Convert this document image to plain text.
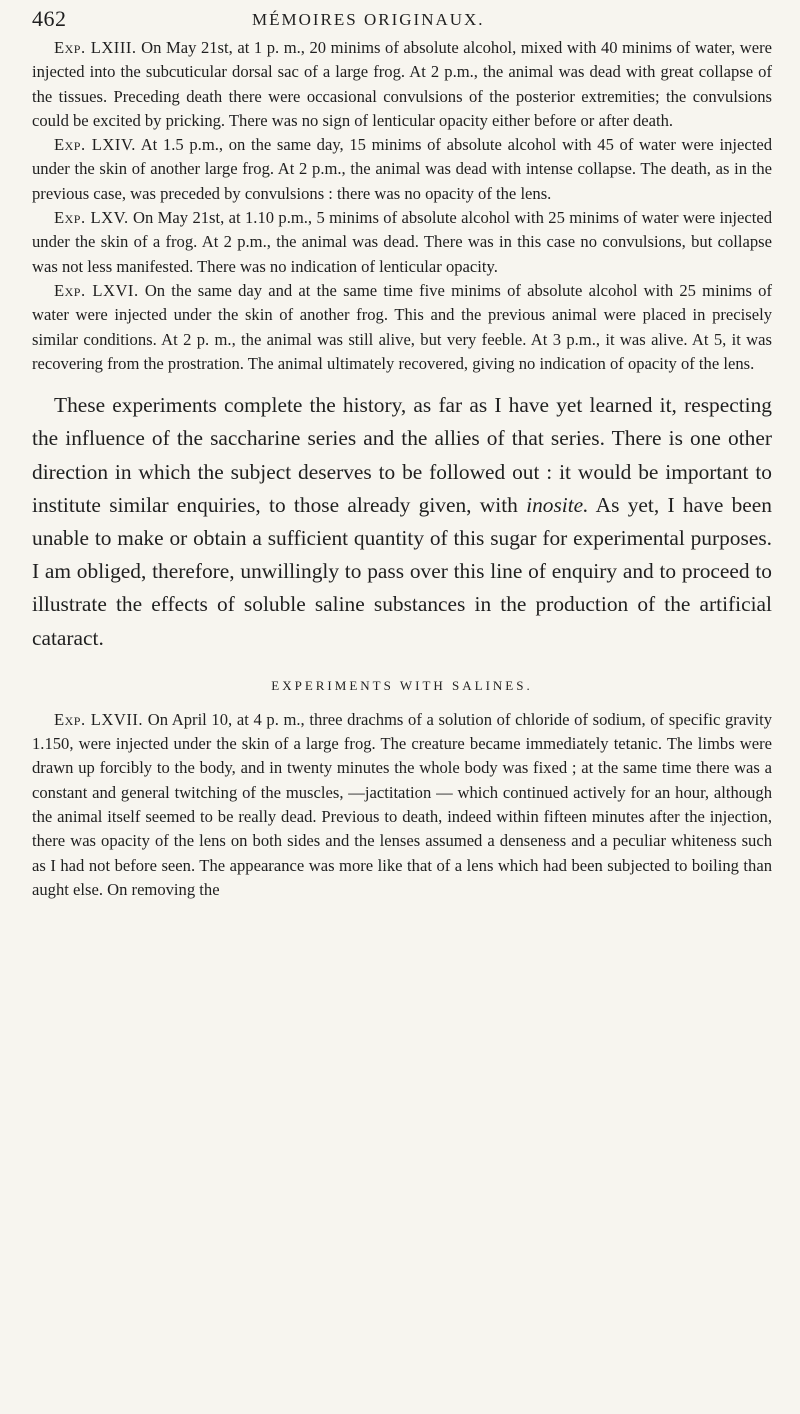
462	MÉMOIRES ORIGINAUX.

Exp. LXIII. On May 21st, at 1 p. m., 20 minims of absolute alcohol, mixed with 40 minims of water, were injected into the subcuticular dorsal sac of a large frog. At 2 p.m., the animal was dead with great collapse of the tissues. Preceding death there were occasional convulsions of the posterior extremities; the convulsions could be excited by pricking. There was no sign of lenticular opacity either before or after death.

Exp. LXIV. At 1.5 p.m., on the same day, 15 minims of absolute alcohol with 45 of water were injected under the skin of another large frog. At 2 p.m., the animal was dead with intense collapse. The death, as in the previous case, was preceded by convulsions : there was no opacity of the lens.

Exp. LXV. On May 21st, at 1.10 p.m., 5 minims of absolute alcohol with 25 minims of water were injected under the skin of a frog. At 2 p.m., the animal was dead. There was in this case no convulsions, but collapse was not less manifested. There was no indication of lenticular opacity.

Exp. LXVI. On the same day and at the same time five minims of absolute alcohol with 25 minims of water were injected under the skin of another frog. This and the previous animal were placed in precisely similar conditions. At 2 p. m., the animal was still alive, but very feeble. At 3 p.m., it was alive. At 5, it was recovering from the prostration. The animal ultimately recovered, giving no indication of opacity of the lens.

These experiments complete the history, as far as I have yet learned it, respecting the influence of the saccharine series and the allies of that series. There is one other direction in which the subject deserves to be followed out : it would be important to institute similar enquiries, to those already given, with inosite. As yet, I have been unable to make or obtain a sufficient quantity of this sugar for experimental purposes. I am obliged, therefore, unwillingly to pass over this line of enquiry and to proceed to illustrate the effects of soluble saline substances in the production of the artificial cataract.

EXPERIMENTS WITH SALINES.

Exp. LXVII. On April 10, at 4 p. m., three drachms of a solution of chloride of sodium, of specific gravity 1.150, were injected under the skin of a large frog. The creature became immediately tetanic. The limbs were drawn up forcibly to the body, and in twenty minutes the whole body was fixed ; at the same time there was a constant and general twitching of the muscles, —jactitation — which continued actively for an hour, although the animal itself seemed to be really dead. Previous to death, indeed within fifteen minutes after the injection, there was opacity of the lens on both sides and the lenses assumed a denseness and a peculiar whiteness such as I had not before seen. The appearance was more like that of a lens which had been subjected to boiling than aught else. On removing the
